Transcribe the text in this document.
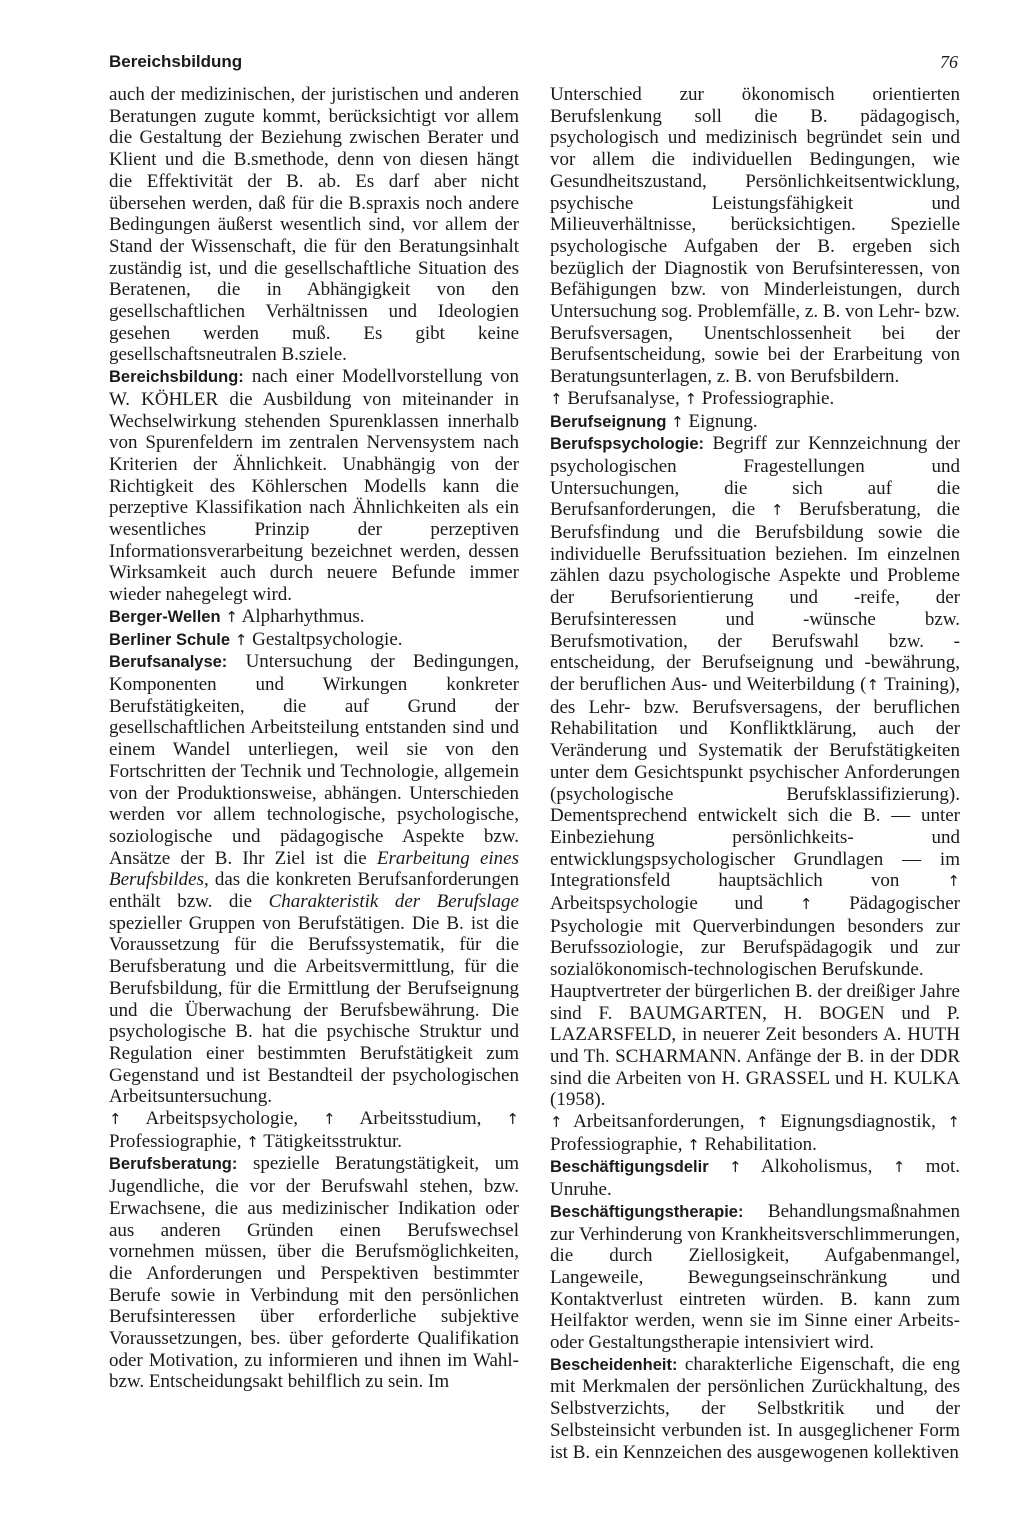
Bereichsbildung	76

auch der medizinischen, der juristischen und anderen Beratungen zugute kommt, berücksichtigt vor allem die Gestaltung der Beziehung zwischen Berater und Klient und die B.smethode, denn von diesen hängt die Effektivität der B. ab. Es darf aber nicht übersehen werden, daß für die B.spraxis noch andere Bedingungen äußerst wesentlich sind, vor allem der Stand der Wissenschaft, die für den Beratungsinhalt zuständig ist, und die gesellschaftliche Situation des Beratenen, die in Abhängigkeit von den gesellschaftlichen Verhältnissen und Ideologien gesehen werden muß. Es gibt keine gesellschaftsneutralen B.sziele.

Bereichsbildung: nach einer Modellvorstellung von W. KÖHLER die Ausbildung von miteinander in Wechselwirkung stehenden Spurenklassen innerhalb von Spurenfeldern im zentralen Nervensystem nach Kriterien der Ähnlichkeit. Unabhängig von der Richtigkeit des Köhlerschen Modells kann die perzeptive Klassifikation nach Ähnlichkeiten als ein wesentliches Prinzip der perzeptiven Informationsverarbeitung bezeichnet werden, dessen Wirksamkeit auch durch neuere Befunde immer wieder nahegelegt wird.

Berger-Wellen ↑ Alpharhythmus.

Berliner Schule ↑ Gestaltpsychologie.

Berufsanalyse: Untersuchung der Bedingungen, Komponenten und Wirkungen konkreter Berufstätigkeiten, die auf Grund der gesellschaftlichen Arbeitsteilung entstanden sind und einem Wandel unterliegen, weil sie von den Fortschritten der Technik und Technologie, allgemein von der Produktionsweise, abhängen. Unterschieden werden vor allem technologische, psychologische, soziologische und pädagogische Aspekte bzw. Ansätze der B. Ihr Ziel ist die Erarbeitung eines Berufsbildes, das die konkreten Berufsanforderungen enthält bzw. die Charakteristik der Berufslage spezieller Gruppen von Berufstätigen. Die B. ist die Voraussetzung für die Berufssystematik, für die Berufsberatung und die Arbeitsvermittlung, für die Berufsbildung, für die Ermittlung der Berufseignung und die Überwachung der Berufsbewährung. Die psychologische B. hat die psychische Struktur und Regulation einer bestimmten Berufstätigkeit zum Gegenstand und ist Bestandteil der psychologischen Arbeitsuntersuchung.

↑ Arbeitspsychologie, ↑ Arbeitsstudium, ↑ Professiographie, ↑ Tätigkeitsstruktur.

Berufsberatung: spezielle Beratungstätigkeit, um Jugendliche, die vor der Berufswahl stehen, bzw. Erwachsene, die aus medizinischer Indikation oder aus anderen Gründen einen Berufswechsel vornehmen müssen, über die Berufsmöglichkeiten, die Anforderungen und Perspektiven bestimmter Berufe sowie in Verbindung mit den persönlichen Berufsinteressen über erforderliche subjektive Voraussetzungen, bes. über geforderte Qualifikation oder Motivation, zu informieren und ihnen im Wahl- bzw. Entscheidungsakt behilflich zu sein. Im

Unterschied zur ökonomisch orientierten Berufslenkung soll die B. pädagogisch, psychologisch und medizinisch begründet sein und vor allem die individuellen Bedingungen, wie Gesundheitszustand, Persönlichkeitsentwicklung, psychische Leistungsfähigkeit und Milieuverhältnisse, berücksichtigen. Spezielle psychologische Aufgaben der B. ergeben sich bezüglich der Diagnostik von Berufsinteressen, von Befähigungen bzw. von Minderleistungen, durch Untersuchung sog. Problemfälle, z. B. von Lehr- bzw. Berufsversagen, Unentschlossenheit bei der Berufsentscheidung, sowie bei der Erarbeitung von Beratungsunterlagen, z. B. von Berufsbildern.

↑ Berufsanalyse, ↑ Professiographie.

Berufseignung ↑ Eignung.

Berufspsychologie: Begriff zur Kennzeichnung der psychologischen Fragestellungen und Untersuchungen, die sich auf die Berufsanforderungen, die ↑ Berufsberatung, die Berufsfindung und die Berufsbildung sowie die individuelle Berufssituation beziehen. Im einzelnen zählen dazu psychologische Aspekte und Probleme der Berufsorientierung und -reife, der Berufsinteressen und -wünsche bzw. Berufsmotivation, der Berufswahl bzw. -entscheidung, der Berufseignung und -bewährung, der beruflichen Aus- und Weiterbildung (↑ Training), des Lehr- bzw. Berufsversagens, der beruflichen Rehabilitation und Konfliktklärung, auch der Veränderung und Systematik der Berufstätigkeiten unter dem Gesichtspunkt psychischer Anforderungen (psychologische Berufsklassifizierung). Dementsprechend entwickelt sich die B. — unter Einbeziehung persönlichkeits- und entwicklungspsychologischer Grundlagen — im Integrationsfeld hauptsächlich von ↑ Arbeitspsychologie und ↑ Pädagogischer Psychologie mit Querverbindungen besonders zur Berufssoziologie, zur Berufspädagogik und zur sozialökonomisch-technologischen Berufskunde.

Hauptvertreter der bürgerlichen B. der dreißiger Jahre sind F. BAUMGARTEN, H. BOGEN und P. LAZARSFELD, in neuerer Zeit besonders A. HUTH und Th. SCHARMANN. Anfänge der B. in der DDR sind die Arbeiten von H. GRASSEL und H. KULKA (1958).

↑ Arbeitsanforderungen, ↑ Eignungsdiagnostik, ↑ Professiographie, ↑ Rehabilitation.

Beschäftigungsdelir ↑ Alkoholismus, ↑ mot. Unruhe.

Beschäftigungstherapie: Behandlungsmaßnahmen zur Verhinderung von Krankheitsverschlimmerungen, die durch Ziellosigkeit, Aufgabenmangel, Langeweile, Bewegungseinschränkung und Kontaktverlust eintreten würden. B. kann zum Heilfaktor werden, wenn sie im Sinne einer Arbeits- oder Gestaltungstherapie intensiviert wird.

Bescheidenheit: charakterliche Eigenschaft, die eng mit Merkmalen der persönlichen Zurückhaltung, des Selbstverzichts, der Selbstkritik und der Selbsteinsicht verbunden ist. In ausgeglichener Form ist B. ein Kennzeichen des ausgewogenen kollektiven
